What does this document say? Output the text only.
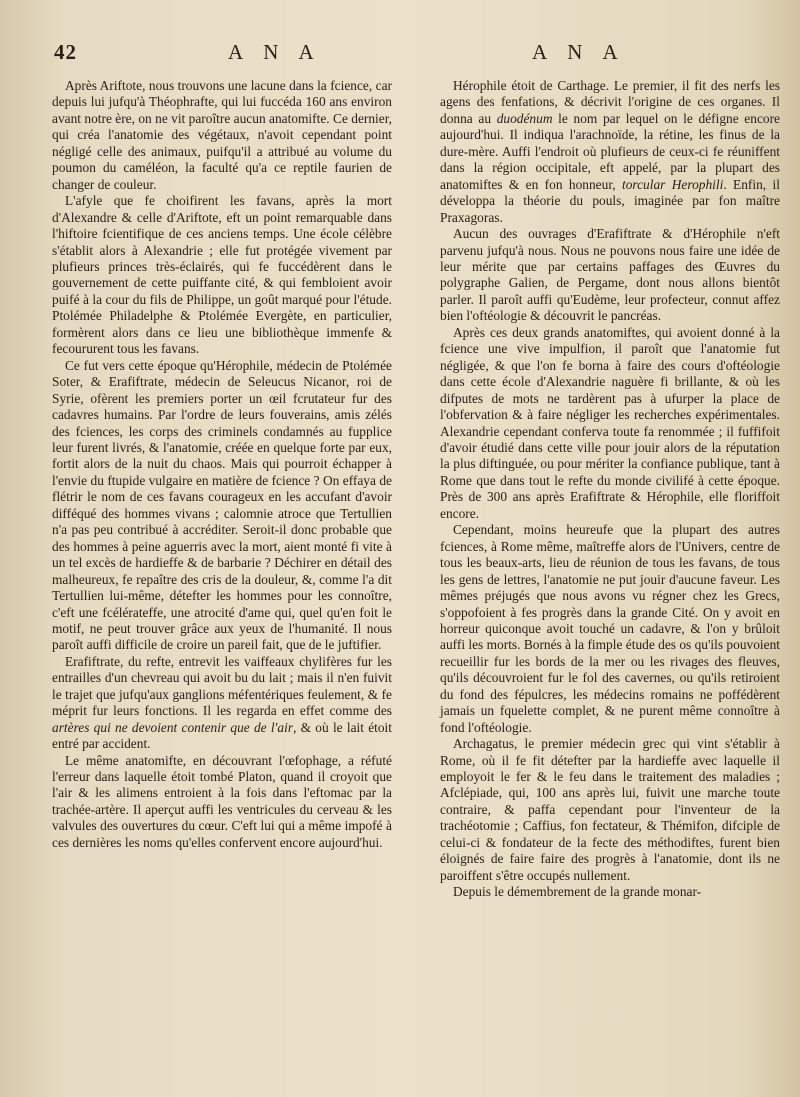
42	A N A	A N A

Après Ariftote, nous trouvons une lacune dans la fcience, car depuis lui jufqu'à Théophrafte, qui lui fuccéda 160 ans environ avant notre ère, on ne vit paroître aucun anatomifte. Ce dernier, qui créa l'anatomie des végétaux, n'avoit cependant point négligé celle des animaux, puifqu'il a attribué au volume du poumon du caméléon, la faculté qu'a ce reptile faurien de changer de couleur.

L'afyle que fe choifirent les favans, après la mort d'Alexandre & celle d'Ariftote, eft un point remarquable dans l'hiftoire fcientifique de ces anciens temps. Une école célèbre s'établit alors à Alexandrie ; elle fut protégée vivement par plufieurs princes très-éclairés, qui fe fuccédèrent dans le gouvernement de cette puiffante cité, & qui fembloient avoir puifé à la cour du fils de Philippe, un goût marqué pour l'étude. Ptolémée Philadelphe & Ptolémée Evergète, en particulier, formèrent alors dans ce lieu une bibliothèque immenfe & fecoururent tous les favans.

Ce fut vers cette époque qu'Hérophile, médecin de Ptolémée Soter, & Erafiftrate, médecin de Seleucus Nicanor, roi de Syrie, ofèrent les premiers porter un œil fcrutateur fur des cadavres humains. Par l'ordre de leurs fouverains, amis zélés des fciences, les corps des criminels condamnés au fupplice leur furent livrés, & l'anatomie, créée en quelque forte par eux, fortit alors de la nuit du chaos. Mais qui pourroit échapper à l'envie du ftupide vulgaire en matière de fcience ? On effaya de flétrir le nom de ces favans courageux en les accufant d'avoir difféqué des hommes vivans ; calomnie atroce que Tertullien n'a pas peu contribué à accréditer. Seroit-il donc probable que des hommes à peine aguerris avec la mort, aient monté fi vite à un tel excès de hardieffe & de barbarie ? Déchirer en détail des malheureux, fe repaître des cris de la douleur, &, comme l'a dit Tertullien lui-même, détefter les hommes pour les connoître, c'eft une fcélérateffe, une atrocité d'ame qui, quel qu'en foit le motif, ne peut trouver grâce aux yeux de l'humanité. Il nous paroît auffi difficile de croire un pareil fait, que de le juftifier.

Erafiftrate, du refte, entrevit les vaiffeaux chylifères fur les entrailles d'un chevreau qui avoit bu du lait ; mais il n'en fuivit le trajet que jufqu'aux ganglions méfentériques feulement, & fe méprit fur leurs fonctions. Il les regarda en effet comme des artères qui ne devoient contenir que de l'air, & où le lait étoit entré par accident.

Le même anatomifte, en découvrant l'œfophage, a réfuté l'erreur dans laquelle étoit tombé Platon, quand il croyoit que l'air & les alimens entroient à la fois dans l'eftomac par la trachée-artère. Il aperçut auffi les ventricules du cerveau & les valvules des ouvertures du cœur. C'eft lui qui a même impofé à ces dernières les noms qu'elles confervent encore aujourd'hui.

Hérophile étoit de Carthage. Le premier, il fit des nerfs les agens des fenfations, & décrivit l'origine de ces organes. Il donna au duodénum le nom par lequel on le défigne encore aujourd'hui. Il indiqua l'arachnoïde, la rétine, les finus de la dure-mère. Auffi l'endroit où plufieurs de ceux-ci fe réuniffent dans la région occipitale, eft appelé, par la plupart des anatomiftes & en fon honneur, torcular Herophili. Enfin, il développa la théorie du pouls, imaginée par fon maître Praxagoras.

Aucun des ouvrages d'Erafiftrate & d'Hérophile n'eft parvenu jufqu'à nous. Nous ne pouvons nous faire une idée de leur mérite que par certains paffages des Œuvres du polygraphe Galien, de Pergame, dont nous allons bientôt parler. Il paroît auffi qu'Eudème, leur profecteur, connut affez bien l'oftéologie & découvrit le pancréas.

Après ces deux grands anatomiftes, qui avoient donné à la fcience une vive impulfion, il paroît que l'anatomie fut négligée, & que l'on fe borna à faire des cours d'oftéologie dans cette école d'Alexandrie naguère fi brillante, & où les difputes de mots ne tardèrent pas à ufurper la place de l'obfervation & à faire négliger les recherches expérimentales. Alexandrie cependant conferva toute fa renommée ; il fuffifoit d'avoir étudié dans cette ville pour jouir alors de la réputation la plus diftinguée, ou pour mériter la confiance publique, tant à Rome que dans tout le refte du monde civilifé à cette époque. Près de 300 ans après Erafiftrate & Hérophile, elle floriffoit encore.

Cependant, moins heureufe que la plupart des autres fciences, à Rome même, maîtreffe alors de l'Univers, centre de tous les beaux-arts, lieu de réunion de tous les favans, de tous les gens de lettres, l'anatomie ne put jouir d'aucune faveur. Les mêmes préjugés que nous avons vu régner chez les Grecs, s'oppofoient à fes progrès dans la grande Cité. On y avoit en horreur quiconque avoit touché un cadavre, & l'on y brûloit auffi les morts. Bornés à la fimple étude des os qu'ils pouvoient recueillir fur les bords de la mer ou les rivages des fleuves, qu'ils découvroient fur le fol des cavernes, ou qu'ils retiroient du fond des fépulcres, les médecins romains ne poffédèrent jamais un fquelette complet, & ne purent même connoître à fond l'oftéologie.

Archagatus, le premier médecin grec qui vint s'établir à Rome, où il fe fit détefter par la hardieffe avec laquelle il employoit le fer & le feu dans le traitement des maladies ; Afclépiade, qui, 100 ans après lui, fuivit une marche toute contraire, & paffa cependant pour l'inventeur de la trachéotomie ; Caffius, fon fectateur, & Thémifon, difciple de celui-ci & fondateur de la fecte des méthodiftes, furent bien éloignés de faire faire des progrès à l'anatomie, dont ils ne paroiffent s'être occupés nullement.

Depuis le démembrement de la grande monar-
